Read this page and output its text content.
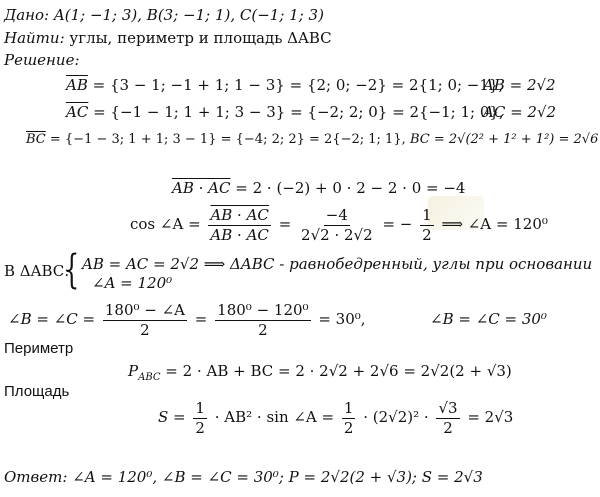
Дано: A(1; −1; 3), B(3; −1; 1), C(−1; 1; 3)
Найти: углы, периметр и площадь ΔABC
Решение:
$\overline{AB} = \{3 - 1$; −1 + 1; 1 − 3} = {2; 0; −2} = 2{1; 0; −1},
AB = 2√2
$\overline{AC} = \{-1 - 1$; 1 + 1; 3 − 3} = {−2; 2; 0} = 2{−1; 1; 0},
AC = 2√2
$\overline{BC} = \{-1 - 3$; 1 + 1; 3 − 1} = {−4; 2; 2} = 2{−2; 1; 1}, BC = 2√(2² + 1² + 1²) = 2√6
AB · AC = 2 · (−2) + 0 · 2 − 2 · 0 = −4
cos ∠A = $\frac{AB \cdot AC}{AB \cdot AC} = \frac{-4}{2√2 \cdot 2√2}$ = − $\frac{1}{2}$ ⟹ ∠A = 120⁰
В ΔABC:
{ AB = AC = 2√2 ⟹ ΔABC - равнобедренный, углы при основании
∠A = 120⁰
∠B = ∠C = $\frac{\text{180⁰ − ∠A}}{2} = \frac{\text{180⁰ − 120⁰}}{2} = 30^0$,	∠B = ∠C = 30⁰
Периметр
$P_{ABC} = 2$ · AB + BC = 2 · 2√2 + 2√6 = 2√2(2 + √3)
Площадь
$S = \frac{1}{2} \cdot AB^2 \cdot \sin$ ∠A = $\frac{1}{2} \cdot (2√2)^2 \cdot \frac{√3}{2} = 2√3$
Ответ: ∠A = 120⁰, ∠B = ∠C = 30⁰; P = 2√2(2 + √3); S = 2√3
